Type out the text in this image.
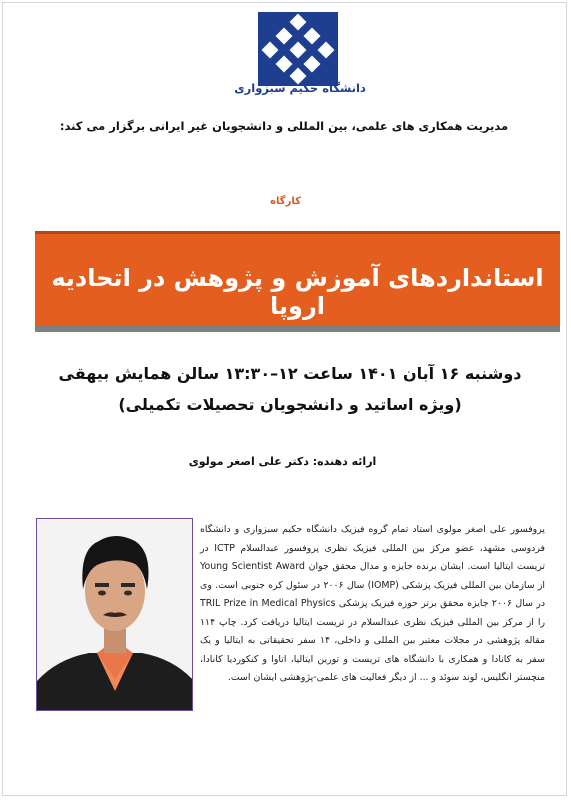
دانشگاه حکیم سبزواری
مدیریت همکاری های علمی، بین المللی و دانشجویان غیر ایرانی برگزار می کند:
کارگاه
استانداردهای آموزش و پژوهش در اتحادیه اروپا
دوشنبه ۱۶ آبان ۱۴۰۱ ساعت ۱۲–۱۳:۳۰ سالن همایش بیهقی
(ویژه اساتید و دانشجویان تحصیلات تکمیلی)
ارائه دهنده: دکتر علی اصغر مولوی
پروفسور علی اصغر مولوی استاد تمام گروه فیزیک دانشگاه حکیم سبزواری و دانشگاه فردوسی مشهد، عضو مرکز بین المللی فیزیک نظری پروفسور عبدالسلام ICTP در تریست ایتالیا است. ایشان برنده جایزه و مدال محقق جوان Young Scientist Award از سازمان بین المللی فیزیک پزشکی (IOMP) سال ۲۰۰۶ در سئول کره جنوبی است. وی در سال ۲۰۰۶ جایزه محقق برتر حوزه فیزیک پزشکی TRIL Prize in Medical Physics را از مرکز بین المللی فیزیک نظری عبدالسلام در تریست ایتالیا دریافت کرد. چاپ ۱۱۴ مقاله پژوهشی در مجلات معتبر بین المللی و داخلی، ۱۴ سفر تحقیقاتی به ایتالیا و یک سفر به کانادا و همکاری با دانشگاه های تریست و تورین ایتالیا، اتاوا و کنکوردیا کانادا، منچستر انگلیس، لوند سوئد و ... از دیگر فعالیت های علمی-پژوهشی ایشان است.
